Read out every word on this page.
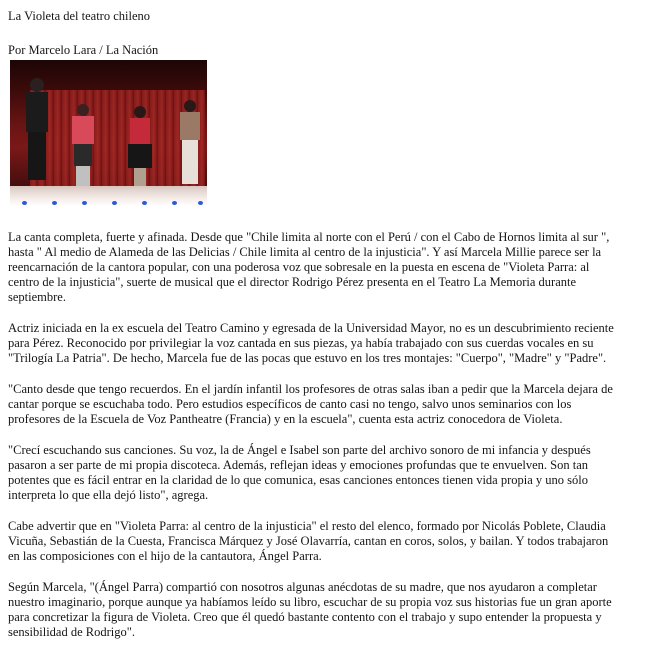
La Violeta del teatro chileno
Por Marcelo Lara / La Nación
La canta completa, fuerte y afinada. Desde que "Chile limita al norte con el Perú / con el Cabo de Hornos limita al sur ",
hasta " Al medio de Alameda de las Delicias / Chile limita al centro de la injusticia". Y así Marcela Millie parece ser la
reencarnación de la cantora popular, con una poderosa voz que sobresale en la puesta en escena de "Violeta Parra: al
centro de la injusticia", suerte de musical que el director Rodrigo Pérez presenta en el Teatro La Memoria durante
septiembre.
Actriz iniciada en la ex escuela del Teatro Camino y egresada de la Universidad Mayor, no es un descubrimiento reciente
para Pérez. Reconocido por privilegiar la voz cantada en sus piezas, ya había trabajado con sus cuerdas vocales en su
"Trilogía La Patria". De hecho, Marcela fue de las pocas que estuvo en los tres montajes: "Cuerpo", "Madre" y "Padre".
"Canto desde que tengo recuerdos. En el jardín infantil los profesores de otras salas iban a pedir que la Marcela dejara de
cantar porque se escuchaba todo. Pero estudios específicos de canto casi no tengo, salvo unos seminarios con los
profesores de la Escuela de Voz Pantheatre (Francia) y en la escuela", cuenta esta actriz conocedora de Violeta.
"Crecí escuchando sus canciones. Su voz, la de Ángel e Isabel son parte del archivo sonoro de mi infancia y después
pasaron a ser parte de mi propia discoteca. Además, reflejan ideas y emociones profundas que te envuelven. Son tan
potentes que es fácil entrar en la claridad de lo que comunica, esas canciones entonces tienen vida propia y uno sólo
interpreta lo que ella dejó listo", agrega.
Cabe advertir que en "Violeta Parra: al centro de la injusticia" el resto del elenco, formado por Nicolás Poblete, Claudia
Vicuña, Sebastián de la Cuesta, Francisca Márquez y José Olavarría, cantan en coros, solos, y bailan. Y todos trabajaron
en las composiciones con el hijo de la cantautora, Ángel Parra.
Según Marcela, "(Ángel Parra) compartió con nosotros algunas anécdotas de su madre, que nos ayudaron a completar
nuestro imaginario, porque aunque ya habíamos leído su libro, escuchar de su propia voz sus historias fue un gran aporte
para concretizar la figura de Violeta. Creo que él quedó bastante contento con el trabajo y supo entender la propuesta y
sensibilidad de Rodrigo".
